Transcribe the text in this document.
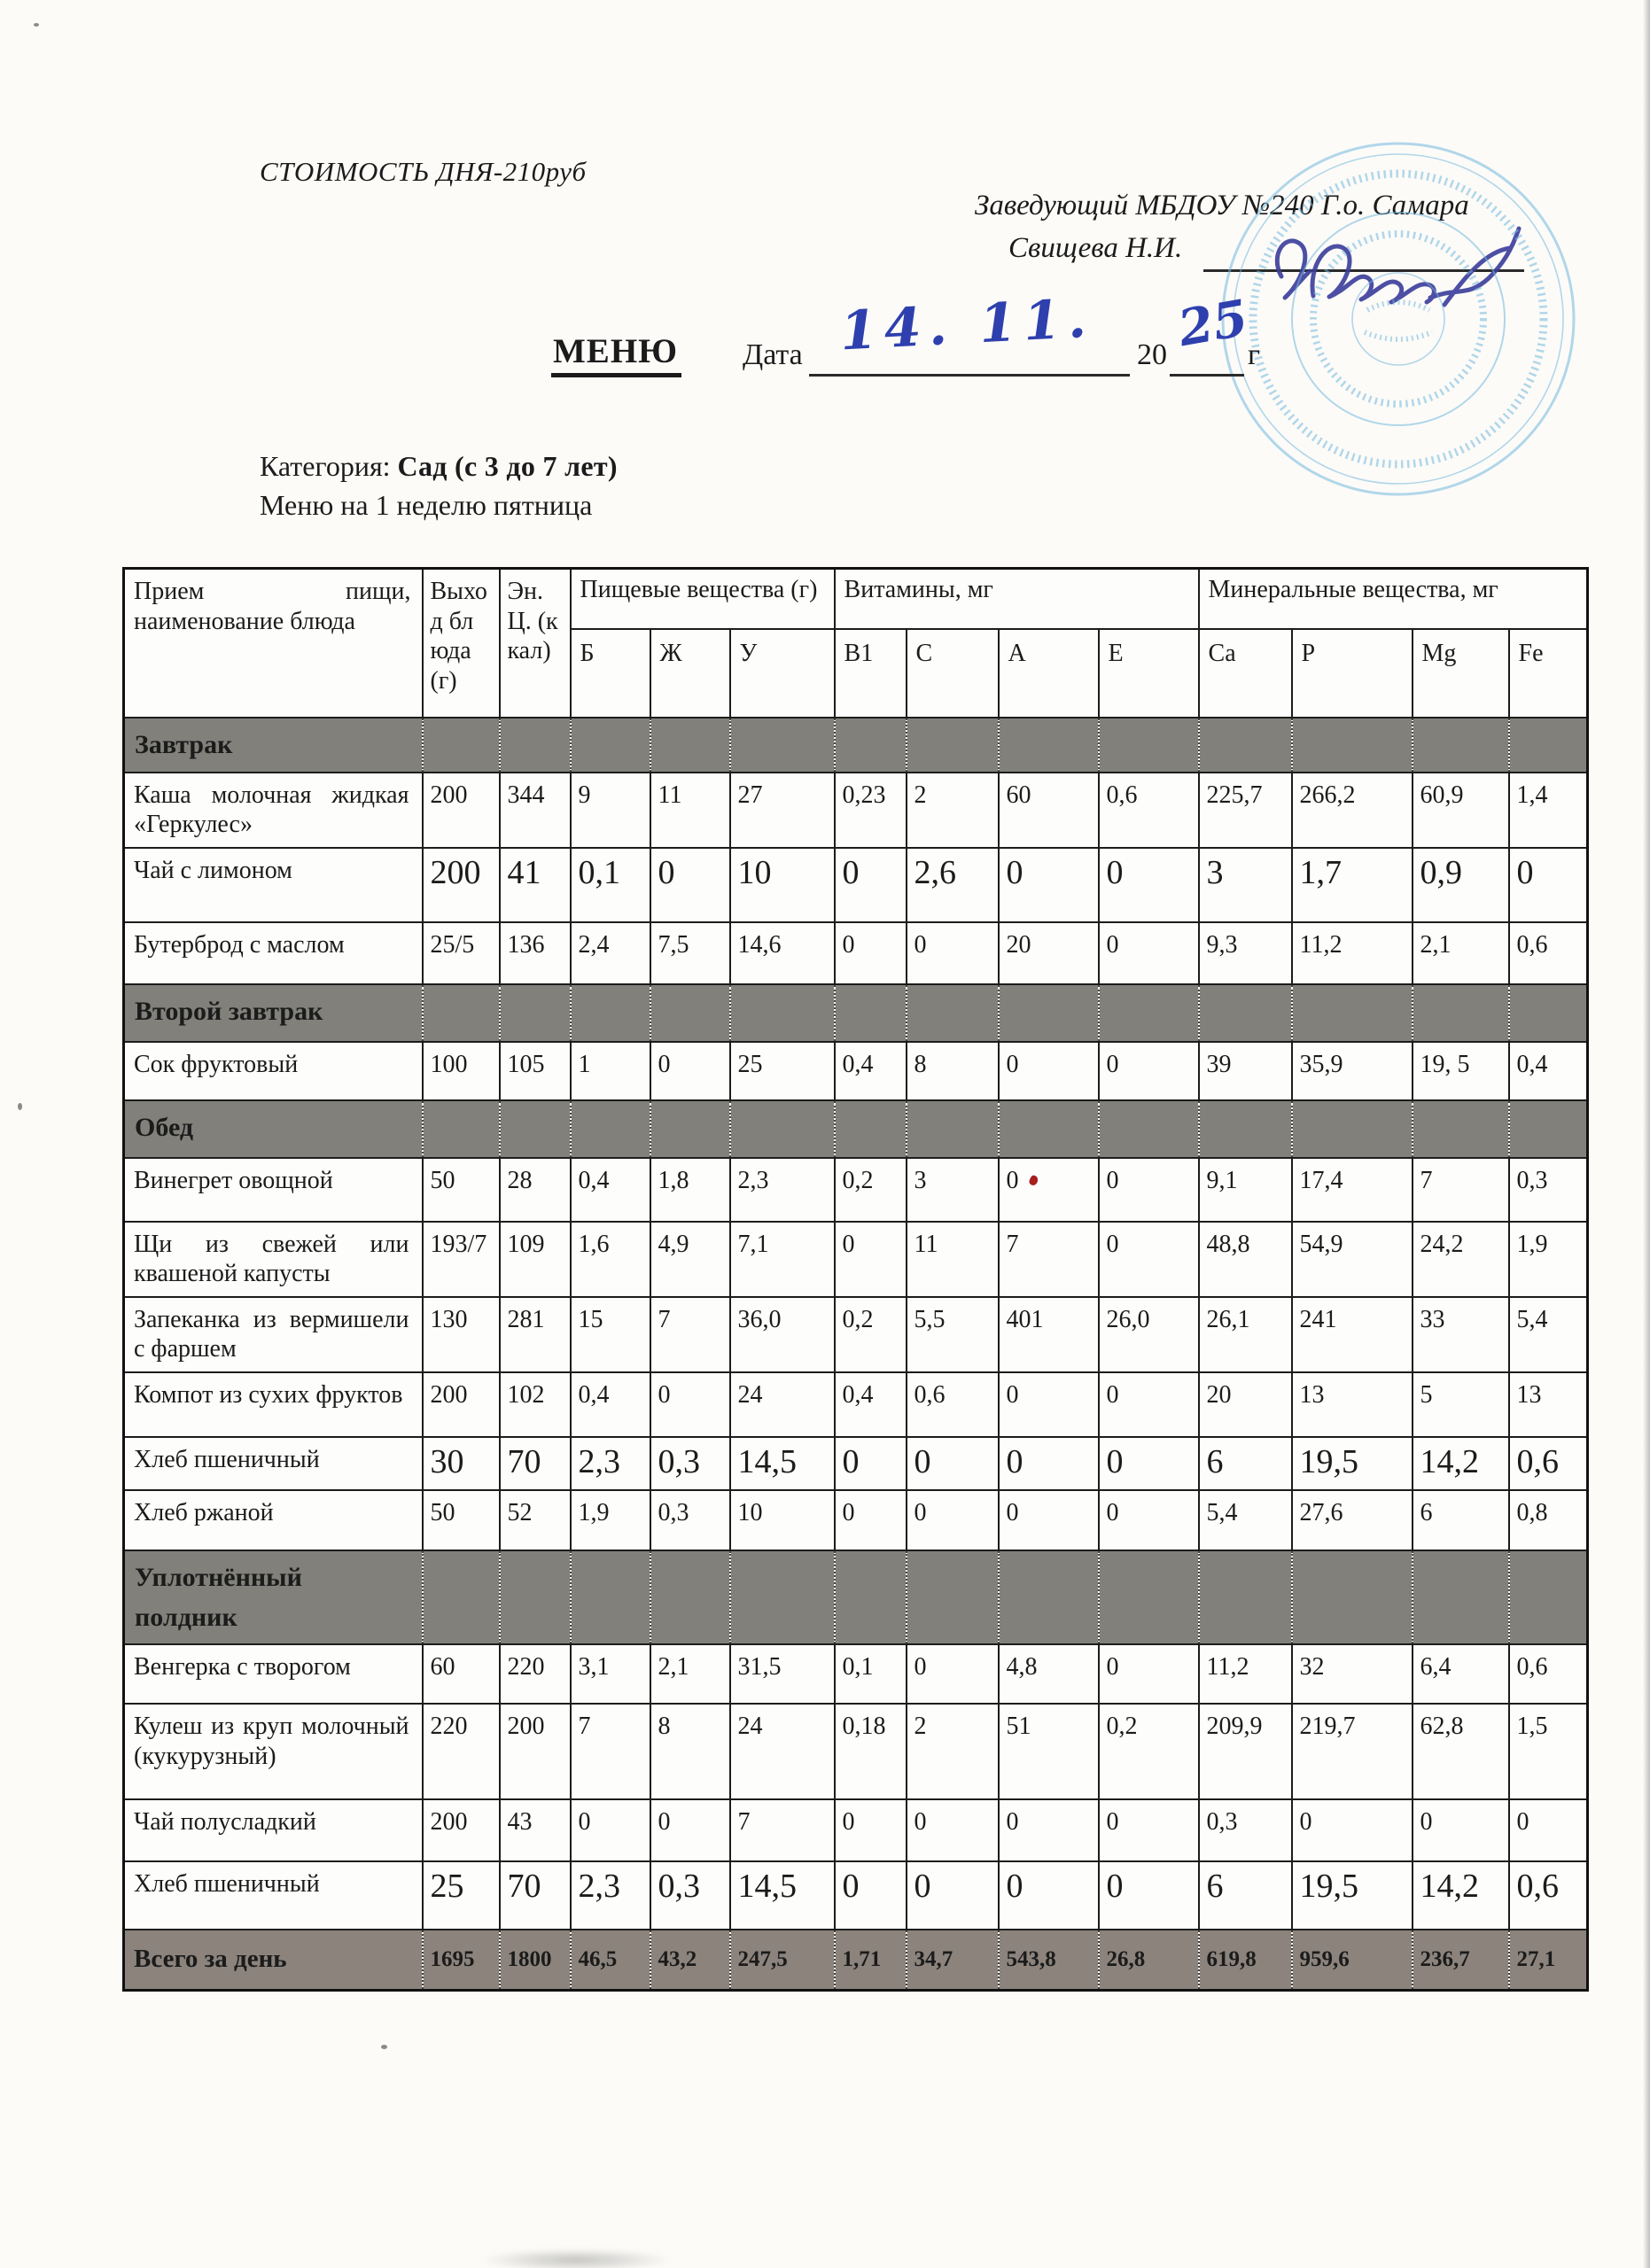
СТОИМОСТЬ ДНЯ-210руб
Заведующий МБДОУ №240 Г.о. Самара
Свищева Н.И.
МЕНЮ Дата 14. 11. 20 25
г
Категория: Сад (с 3 до 7 лет)
Меню на 1 неделю пятница
Прием пищи, наименование блюда	Выход блюда (г)	Эн. Ц. (ккал)	Пищевые вещества (г)			Витамины, мг				Минеральные вещества, мг			
			Б	Ж	У	B1	C	A	E	Ca	P	Mg	Fe
Завтрак													
Каша молочная жидкая «Геркулес»	200	344	9	11	27	0,23	2	60	0,6	225,7	266,2	60,9	1,4
Чай с лимоном	200	41	0,1	0	10	0	2,6	0	0	3	1,7	0,9	0
Бутерброд с маслом	25/5	136	2,4	7,5	14,6	0	0	20	0	9,3	11,2	2,1	0,6
Второй завтрак													
Сок фруктовый	100	105	1	0	25	0,4	8	0	0	39	35,9	19, 5	0,4
Обед													
Винегрет овощной	50	28	0,4	1,8	2,3	0,2	3	0	0	9,1	17,4	7	0,3
Щи из свежей или квашеной капусты	193/7	109	1,6	4,9	7,1	0	11	7	0	48,8	54,9	24,2	1,9
Запеканка из вермишели с фаршем	130	281	15	7	36,0	0,2	5,5	401	26,0	26,1	241	33	5,4
Компот из сухих фруктов	200	102	0,4	0	24	0,4	0,6	0	0	20	13	5	13
Хлеб пшеничный	30	70	2,3	0,3	14,5	0	0	0	0	6	19,5	14,2	0,6
Хлеб ржаной	50	52	1,9	0,3	10	0	0	0	0	5,4	27,6	6	0,8
Уплотнённый полдник													
Венгерка с творогом	60	220	3,1	2,1	31,5	0,1	0	4,8	0	11,2	32	6,4	0,6
Кулеш из круп молочный (кукурузный)	220	200	7	8	24	0,18	2	51	0,2	209,9	219,7	62,8	1,5
Чай полусладкий	200	43	0	0	7	0	0	0	0	0,3	0	0	0
Хлеб пшеничный	25	70	2,3	0,3	14,5	0	0	0	0	6	19,5	14,2	0,6
Всего за день	1695	1800	46,5	43,2	247,5	1,71	34,7	543,8	26,8	619,8	959,6	236,7	27,1
